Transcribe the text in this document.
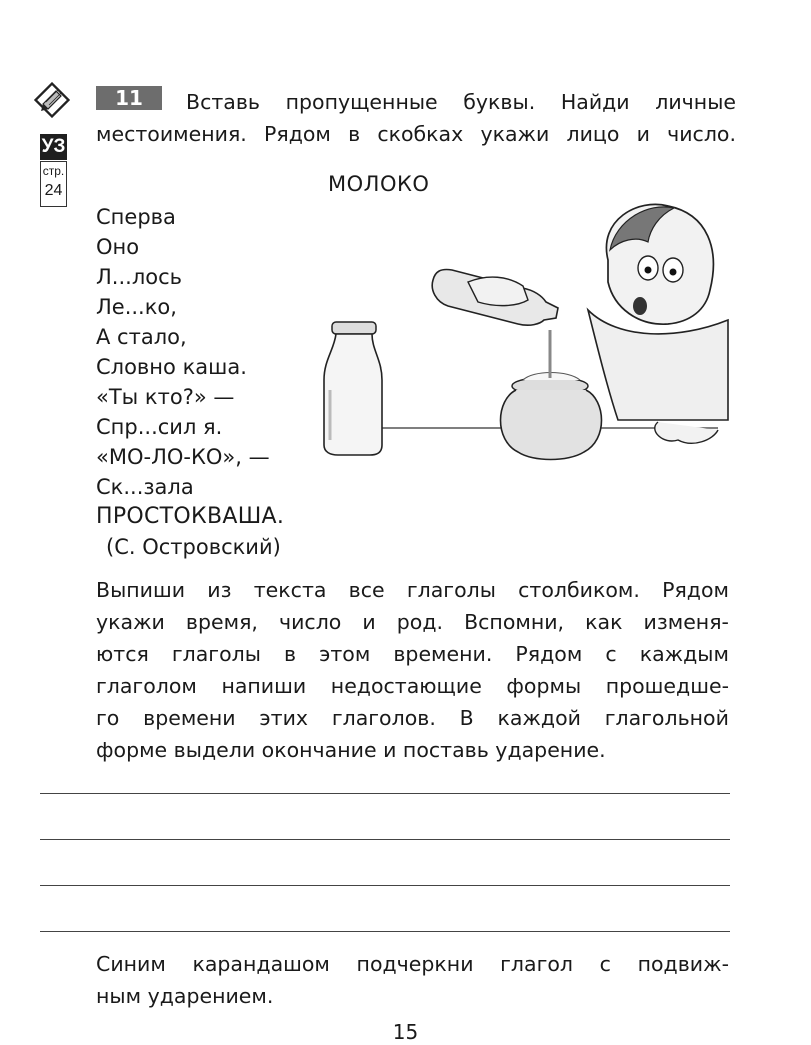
УЗ
стр.
24
11 Вставь пропущенные буквы. Найди личные
местоимения. Рядом в скобках укажи лицо и число.
МОЛОКО
Сперва
Оно
Л...лось
Ле...ко,
А стало,
Словно каша.
«Ты кто?» —
Спр...сил я.
«МО-ЛО-КО», —
Ск...зала
ПРОСТОКВАША.
(С. Островский)
Выпиши из текста все глаголы столбиком. Рядом
укажи время, число и род. Вспомни, как изменя-
ются глаголы в этом времени. Рядом с каждым
глаголом напиши недостающие формы прошедше-
го времени этих глаголов. В каждой глагольной
форме выдели окончание и поставь ударение.
Синим карандашом подчеркни глагол с подвиж-
ным ударением.
15
